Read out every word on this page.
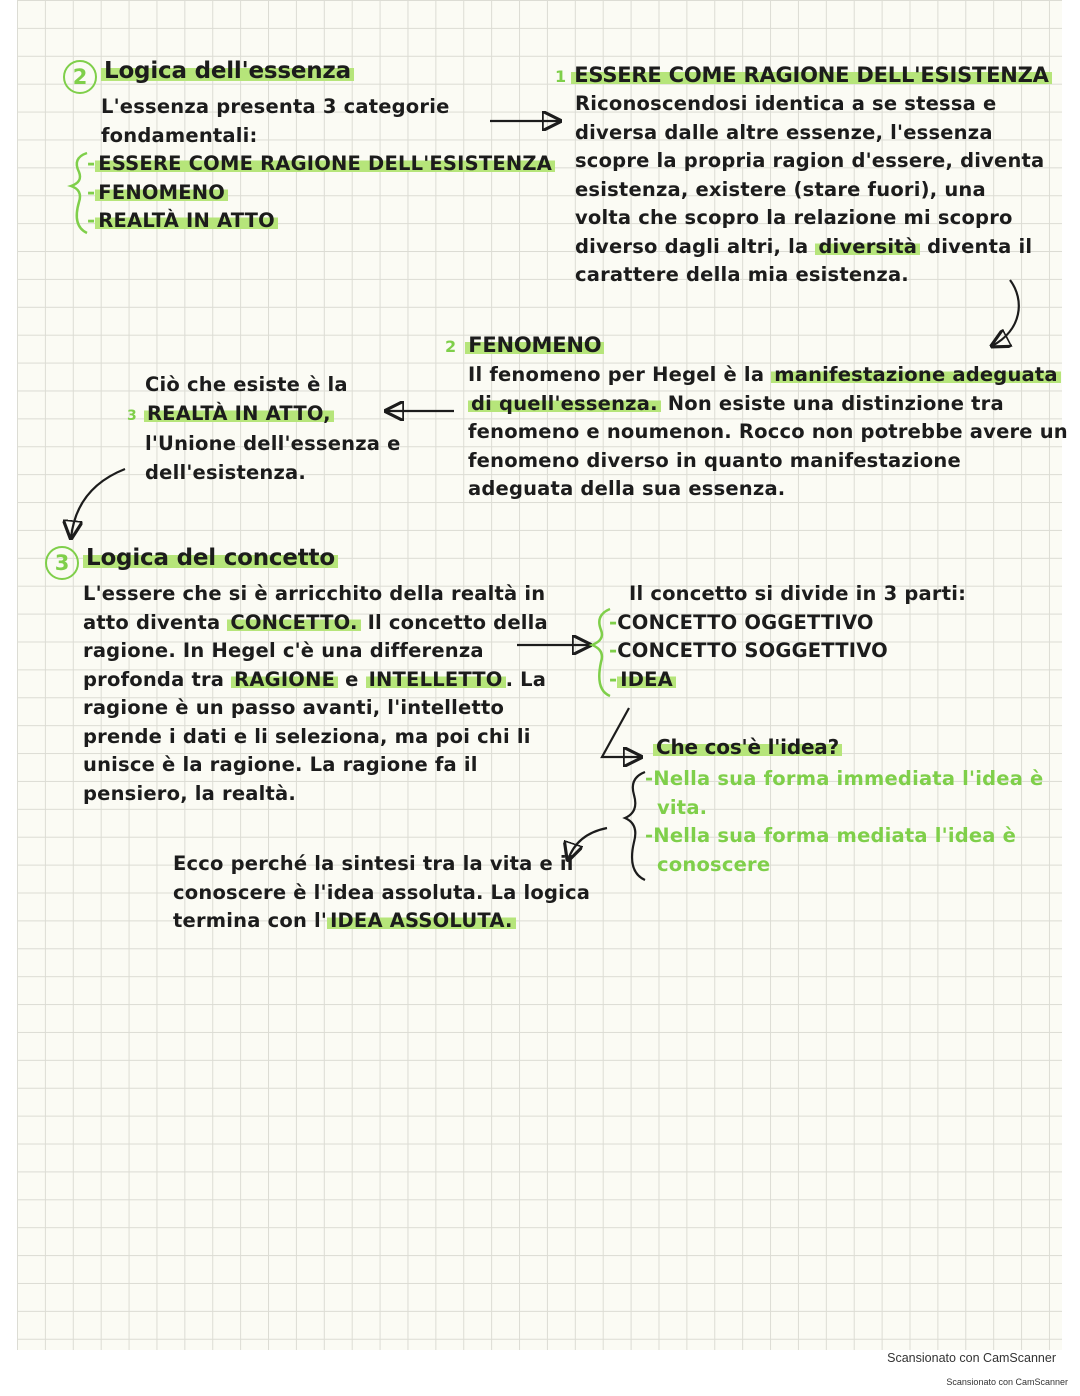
2 Logica dell'essenza
L'essenza presenta 3 categorie
fondamentali:
- ESSERE COME RAGIONE DELL'ESISTENZA
- FENOMENO
- REALTÀ IN ATTO
1 ESSERE COME RAGIONE DELL'ESISTENZA
Riconoscendosi identica a se stessa e
diversa dalle altre essenze, l'essenza
scopre la propria ragion d'essere, diventa
esistenza, existere (stare fuori), una
volta che scopro la relazione mi scopro
diverso dagli altri, la diversità diventa il
carattere della mia esistenza.
2 FENOMENO
Il fenomeno per Hegel è la manifestazione adeguata
di quell'essenza. Non esiste una distinzione tra
fenomeno e noumenon. Rocco non potrebbe avere un
fenomeno diverso in quanto manifestazione
adeguata della sua essenza.
Ciò che esiste è la
3 REALTÀ IN ATTO,
l'Unione dell'essenza e
dell'esistenza.
3 Logica del concetto
L'essere che si è arricchito della realtà in
atto diventa CONCETTO. Il concetto della
ragione. In Hegel c'è una differenza
profonda tra RAGIONE e INTELLETTO . La
ragione è un passo avanti, l'intelletto
prende i dati e li seleziona, ma poi chi li
unisce è la ragione. La ragione fa il
pensiero, la realtà.
Il concetto si divide in 3 parti:
-CONCETTO OGGETTIVO
-CONCETTO SOGGETTIVO
- IDEA
Che cos'è l'idea?
-Nella sua forma immediata l'idea è
vita.
-Nella sua forma mediata l'idea è
conoscere
Ecco perché la sintesi tra la vita e il
conoscere è l'idea assoluta. La logica
termina con l' IDEA ASSOLUTA.
Scansionato con CamScanner
Scansionato con CamScanner
